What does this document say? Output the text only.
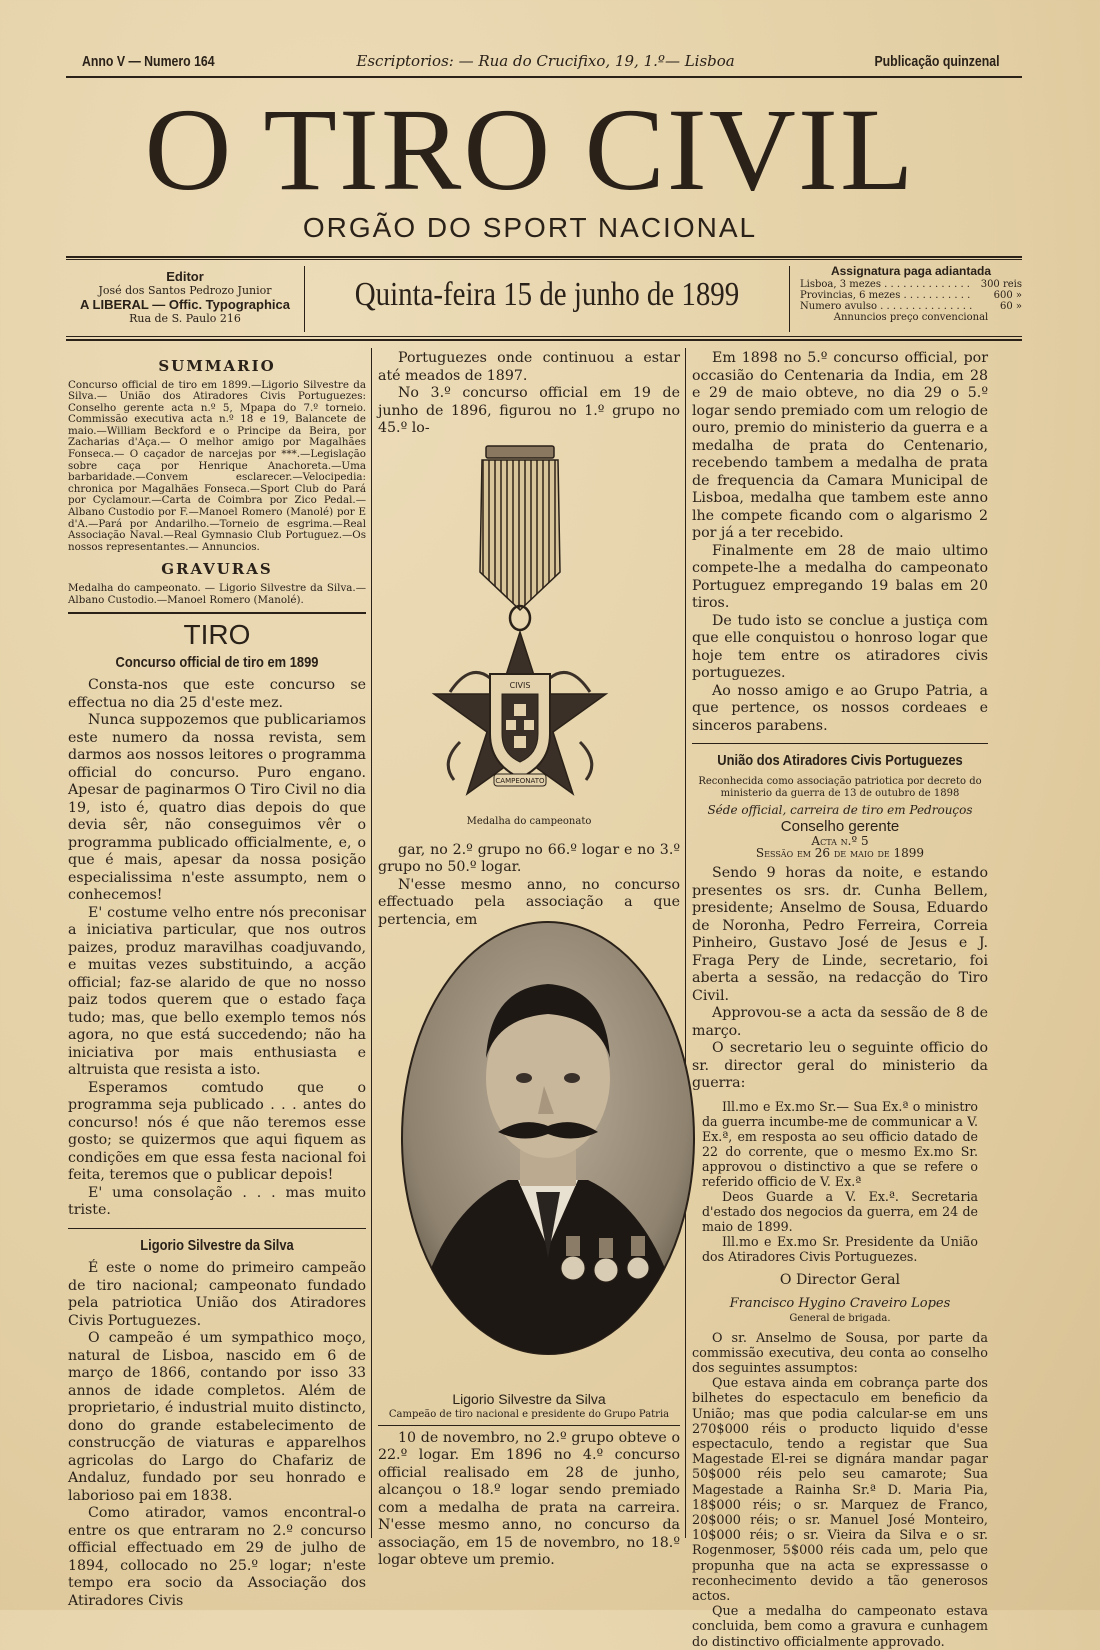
Anno V — Numero 164	Escriptorios: — Rua do Crucifixo, 19, 1.º— Lisboa	Publicação quinzenal
O TIRO CIVIL
ORGÃO DO SPORT NACIONAL
Editor
José dos Santos Pedrozo Junior
A LIBERAL — Offic. Typographica
Rua de S. Paulo 216
Quinta-feira 15 de junho de 1899
Assignatura paga adiantada
Lisboa, 3 mezes . . . . . . . . . . . . . . 300 reis
Provincias, 6 mezes . . . . . . . . . . . 600 »
Numero avulso . . . . . . . . . . . . . . .	60 »
Annuncios preço convencional
SUMMARIO
Concurso official de tiro em 1899.—Ligorio Silvestre da Silva.— União dos Atiradores Civis Portuguezes: Conselho gerente acta n.º 5, Mpapa do 7.º torneio. Commissão executiva acta n.º 18 e 19, Balancete de maio.—William Beckford e o Principe da Beira, por Zacharias d'Aça.— O melhor amigo por Magalhães Fonseca.— O caçador de narcejas por ***.—Legislação sobre caça por Henrique Anachoreta.—Uma barbaridade.—Convem esclarecer.—Velocipedia: chronica por Magalhães Fonseca.—Sport Club do Pará por Cyclamour.—Carta de Coimbra por Zico Pedal.—Albano Custodio por F.—Manoel Romero (Manolé) por E d'A.—Pará por Andarilho.—Torneio de esgrima.—Real Associação Naval.—Real Gymnasio Club Portuguez.—Os nossos representantes.— Annuncios.
GRAVURAS
Medalha do campeonato. — Ligorio Silvestre da Silva.— Albano Custodio.—Manoel Romero (Manolé).
TIRO
Concurso official de tiro em 1899

Consta-nos que este concurso se effectua no dia 25 d'este mez.

Nunca suppozemos que publicariamos este numero da nossa revista, sem darmos aos nossos leitores o programma official do concurso. Puro engano. Apesar de paginarmos O Tiro Civil no dia 19, isto é, quatro dias depois do que devia sêr, não conseguimos vêr o programma publicado officialmente, e, o que é mais, apesar da nossa posição especialissima n'este assumpto, nem o conhecemos!

E' costume velho entre nós preconisar a iniciativa particular, que nos outros paizes, produz maravilhas coadjuvando, e muitas vezes substituindo, a acção official; faz-se alarido de que no nosso paiz todos querem que o estado faça tudo; mas, que bello exemplo temos nós agora, no que está succedendo; não ha iniciativa por mais enthusiasta e altruista que resista a isto.

Esperamos comtudo que o programma seja publicado . . . antes do concurso! nós é que não teremos esse gosto; se quizermos que aqui fiquem as condições em que essa festa nacional foi feita, teremos que o publicar depois!

E' uma consolação . . . mas muito triste.

Ligorio Silvestre da Silva

É este o nome do primeiro campeão de tiro nacional; campeonato fundado pela patriotica União dos Atiradores Civis Portuguezes.

O campeão é um sympathico moço, natural de Lisboa, nascido em 6 de março de 1866, contando por isso 33 annos de idade completos. Além de proprietario, é industrial muito distincto, dono do grande estabelecimento de construcção de viaturas e apparelhos agricolas do Largo do Chafariz de Andaluz, fundado por seu honrado e laborioso pai em 1838.

Como atirador, vamos encontral-o entre os que entraram no 2.º concurso official effectuado em 29 de julho de 1894, collocado no 25.º logar; n'este tempo era socio da Associação dos Atiradores Civis

Portuguezes onde continuou a estar até meados de 1897.

No 3.º concurso official em 19 de junho de 1896, figurou no 1.º grupo no 45.º lo-

Medalha do campeonato

gar, no 2.º grupo no 66.º logar e no 3.º grupo no 50.º logar.

N'esse mesmo anno, no concurso effectuado pela associação a que pertencia, em

Ligorio Silvestre da Silva
Campeão de tiro nacional e presidente do Grupo Patria

10 de novembro, no 2.º grupo obteve o 22.º logar. Em 1896 no 4.º concurso official realisado em 28 de junho, alcançou o 18.º logar sendo premiado com a medalha de prata na carreira. N'esse mesmo anno, no concurso da associação, em 15 de novembro, no 18.º logar obteve um premio.

CIVIS
CAMPEONATO

Em 1898 no 5.º concurso official, por occasião do Centenaria da India, em 28 e 29 de maio obteve, no dia 29 o 5.º logar sendo premiado com um relogio de ouro, premio do ministerio da guerra e a medalha de prata do Centenario, recebendo tambem a medalha de prata de frequencia da Camara Municipal de Lisboa, medalha que tambem este anno lhe compete ficando com o algarismo 2 por já a ter recebido.

Finalmente em 28 de maio ultimo compete-lhe a medalha do campeonato Portuguez empregando 19 balas em 20 tiros.

De tudo isto se conclue a justiça com que elle conquistou o honroso logar que hoje tem entre os atiradores civis portuguezes.

Ao nosso amigo e ao Grupo Patria, a que pertence, os nossos cordeaes e sinceros parabens.

União dos Atiradores Civis Portuguezes
Reconhecida como associação patriotica por decreto do ministerio da guerra de 13 de outubro de 1898
Séde official, carreira de tiro em Pedrouços
Conselho gerente
Acta n.º 5
Sessão em 26 de maio de 1899

Sendo 9 horas da noite, e estando presentes os srs. dr. Cunha Bellem, presidente; Anselmo de Sousa, Eduardo de Noronha, Pedro Ferreira, Correia Pinheiro, Gustavo José de Jesus e J. Fraga Pery de Linde, secretario, foi aberta a sessão, na redacção do Tiro Civil.

Approvou-se a acta da sessão de 8 de março.

O secretario leu o seguinte officio do sr. director geral do ministerio da guerra:

Ill.mo e Ex.mo Sr.— Sua Ex.ª o ministro da guerra incumbe-me de communicar a V. Ex.ª, em resposta ao seu officio datado de 22 do corrente, que o mesmo Ex.mo Sr. approvou o distinctivo a que se refere o referido officio de V. Ex.ª

Deos Guarde a V. Ex.ª. Secretaria d'estado dos negocios da guerra, em 24 de maio de 1899.

Ill.mo e Ex.mo Sr. Presidente da União dos Atiradores Civis Portuguezes.

O Director Geral
Francisco Hygino Craveiro Lopes
General de brigada.

O sr. Anselmo de Sousa, por parte da commissão executiva, deu conta ao conselho dos seguintes assumptos:

Que estava ainda em cobrança parte dos bilhetes do espectaculo em beneficio da União; mas que podia calcular-se em uns 270$000 réis o producto liquido d'esse espectaculo, tendo a registar que Sua Magestade El-rei se dignára mandar pagar 50$000 réis pelo seu camarote; Sua Magestade a Rainha Sr.ª D. Maria Pia, 18$000 réis; o sr. Marquez de Franco, 20$000 réis; o sr. Manuel José Monteiro, 10$000 réis; o sr. Vieira da Silva e o sr. Rogenmoser, 5$000 réis cada um, pelo que propunha que na acta se expressasse o reconhecimento devido a tão generosos actos.

Que a medalha do campeonato estava concluida, bem como a gravura e cunhagem do distinctivo officialmente approvado.
